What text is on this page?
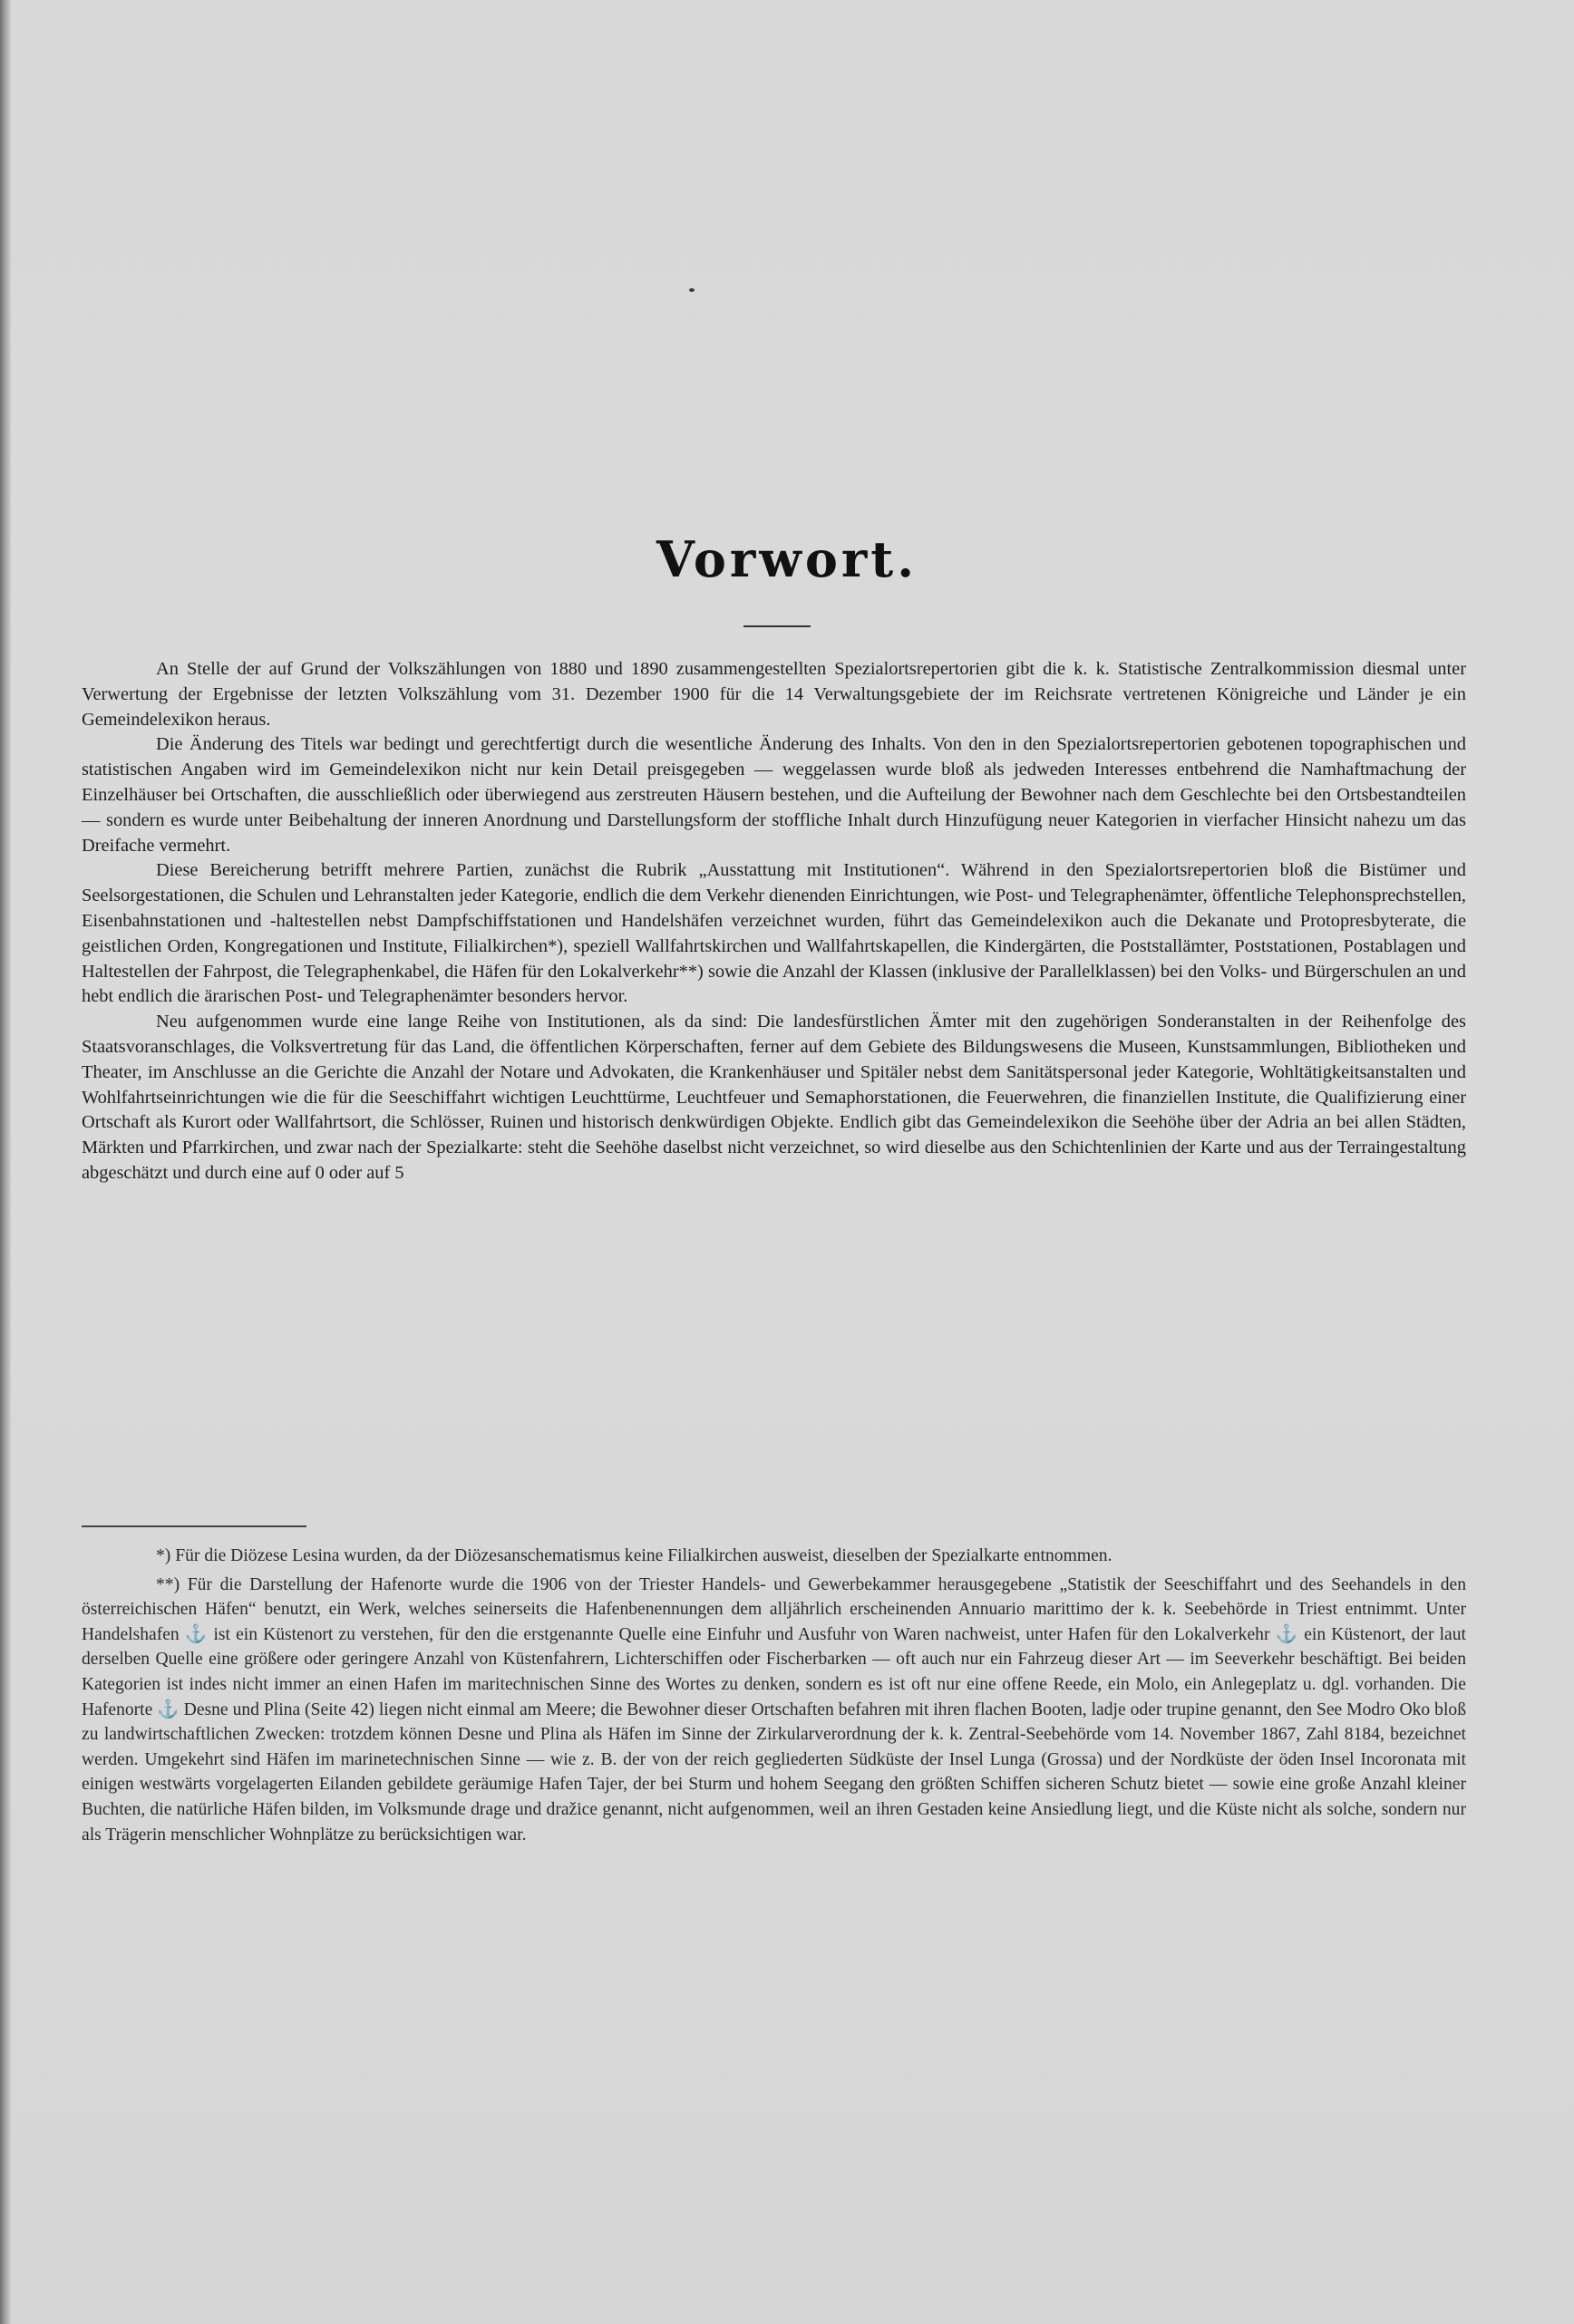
Vorwort.

An Stelle der auf Grund der Volkszählungen von 1880 und 1890 zusammengestellten Spezialortsrepertorien gibt die k. k. Statistische Zentralkommission diesmal unter Verwertung der Ergebnisse der letzten Volkszählung vom 31. Dezember 1900 für die 14 Verwaltungsgebiete der im Reichsrate vertretenen Königreiche und Länder je ein Gemeindelexikon heraus.

Die Änderung des Titels war bedingt und gerechtfertigt durch die wesentliche Änderung des Inhalts. Von den in den Spezialortsrepertorien gebotenen topographischen und statistischen Angaben wird im Gemeindelexikon nicht nur kein Detail preisgegeben — weggelassen wurde bloß als jedweden Interesses entbehrend die Namhaftmachung der Einzelhäuser bei Ortschaften, die ausschließlich oder überwiegend aus zerstreuten Häusern bestehen, und die Aufteilung der Bewohner nach dem Geschlechte bei den Ortsbestandteilen — sondern es wurde unter Beibehaltung der inneren Anordnung und Darstellungsform der stoffliche Inhalt durch Hinzufügung neuer Kategorien in vierfacher Hinsicht nahezu um das Dreifache vermehrt.

Diese Bereicherung betrifft mehrere Partien, zunächst die Rubrik „Ausstattung mit Institutionen“. Während in den Spezialortsrepertorien bloß die Bistümer und Seelsorgestationen, die Schulen und Lehranstalten jeder Kategorie, endlich die dem Verkehr dienenden Einrichtungen, wie Post- und Telegraphenämter, öffentliche Telephonsprechstellen, Eisenbahnstationen und -haltestellen nebst Dampfschiffstationen und Handelshäfen verzeichnet wurden, führt das Gemeindelexikon auch die Dekanate und Protopresbyterate, die geistlichen Orden, Kongregationen und Institute, Filialkirchen*), speziell Wallfahrtskirchen und Wallfahrtskapellen, die Kindergärten, die Poststallämter, Poststationen, Postablagen und Haltestellen der Fahrpost, die Telegraphenkabel, die Häfen für den Lokalverkehr**) sowie die Anzahl der Klassen (inklusive der Parallelklassen) bei den Volks- und Bürgerschulen an und hebt endlich die ärarischen Post- und Telegraphenämter besonders hervor.

Neu aufgenommen wurde eine lange Reihe von Institutionen, als da sind: Die landesfürstlichen Ämter mit den zugehörigen Sonderanstalten in der Reihenfolge des Staatsvoranschlages, die Volksvertretung für das Land, die öffentlichen Körperschaften, ferner auf dem Gebiete des Bildungswesens die Museen, Kunstsammlungen, Bibliotheken und Theater, im Anschlusse an die Gerichte die Anzahl der Notare und Advokaten, die Krankenhäuser und Spitäler nebst dem Sanitätspersonal jeder Kategorie, Wohltätigkeitsanstalten und Wohlfahrtseinrichtungen wie die für die Seeschiffahrt wichtigen Leuchttürme, Leuchtfeuer und Semaphorstationen, die Feuerwehren, die finanziellen Institute, die Qualifizierung einer Ortschaft als Kurort oder Wallfahrtsort, die Schlösser, Ruinen und historisch denkwürdigen Objekte. Endlich gibt das Gemeindelexikon die Seehöhe über der Adria an bei allen Städten, Märkten und Pfarrkirchen, und zwar nach der Spezialkarte: steht die Seehöhe daselbst nicht verzeichnet, so wird dieselbe aus den Schichtenlinien der Karte und aus der Terraingestaltung abgeschätzt und durch eine auf 0 oder auf 5

*) Für die Diözese Lesina wurden, da der Diözesanschematismus keine Filialkirchen ausweist, dieselben der Spezialkarte entnommen.

**) Für die Darstellung der Hafenorte wurde die 1906 von der Triester Handels- und Gewerbekammer herausgegebene „Statistik der Seeschiffahrt und des Seehandels in den österreichischen Häfen“ benutzt, ein Werk, welches seinerseits die Hafenbenennungen dem alljährlich erscheinenden Annuario marittimo der k. k. Seebehörde in Triest entnimmt. Unter Handelshafen ⚓ ist ein Küstenort zu verstehen, für den die erstgenannte Quelle eine Einfuhr und Ausfuhr von Waren nachweist, unter Hafen für den Lokalverkehr ⚓ ein Küstenort, der laut derselben Quelle eine größere oder geringere Anzahl von Küstenfahrern, Lichterschiffen oder Fischerbarken — oft auch nur ein Fahrzeug dieser Art — im Seeverkehr beschäftigt. Bei beiden Kategorien ist indes nicht immer an einen Hafen im maritechnischen Sinne des Wortes zu denken, sondern es ist oft nur eine offene Reede, ein Molo, ein Anlegeplatz u. dgl. vorhanden. Die Hafenorte ⚓ Desne und Plina (Seite 42) liegen nicht einmal am Meere; die Bewohner dieser Ortschaften befahren mit ihren flachen Booten, ladje oder trupine genannt, den See Modro Oko bloß zu landwirtschaftlichen Zwecken: trotzdem können Desne und Plina als Häfen im Sinne der Zirkularverordnung der k. k. Zentral-Seebehörde vom 14. November 1867, Zahl 8184, bezeichnet werden. Umgekehrt sind Häfen im marinetechnischen Sinne — wie z. B. der von der reich gegliederten Südküste der Insel Lunga (Grossa) und der Nordküste der öden Insel Incoronata mit einigen westwärts vorgelagerten Eilanden gebildete geräumige Hafen Tajer, der bei Sturm und hohem Seegang den größten Schiffen sicheren Schutz bietet — sowie eine große Anzahl kleiner Buchten, die natürliche Häfen bilden, im Volksmunde drage und dražice genannt, nicht aufgenommen, weil an ihren Gestaden keine Ansiedlung liegt, und die Küste nicht als solche, sondern nur als Trägerin menschlicher Wohnplätze zu berücksichtigen war.
